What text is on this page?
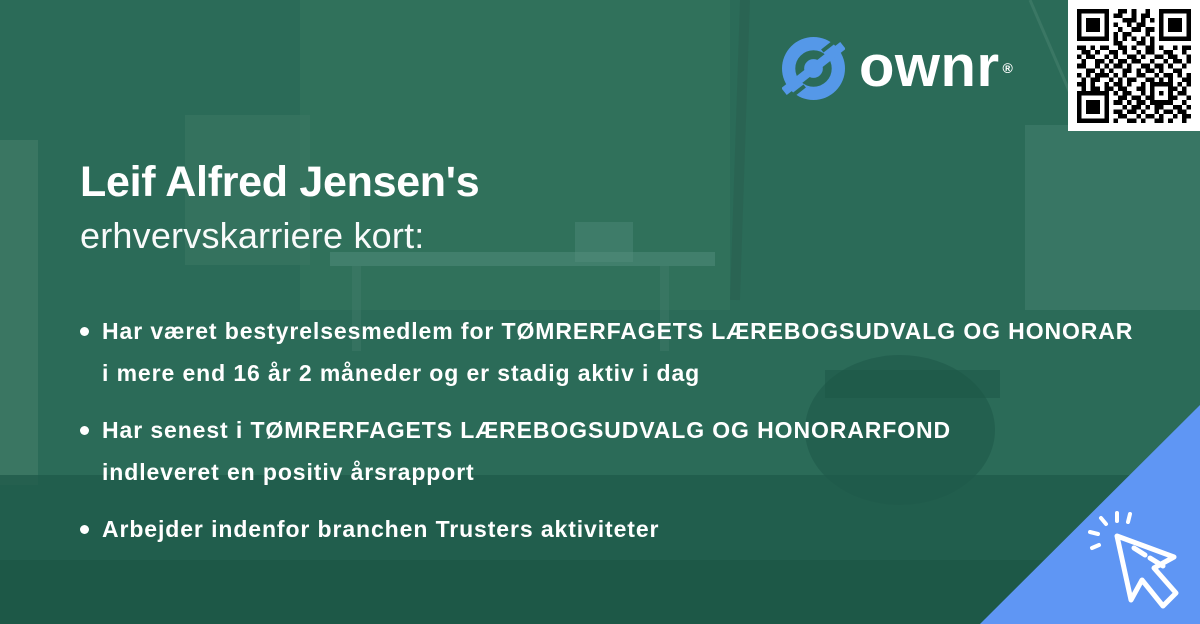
ownr ®
Leif Alfred Jensen's
erhvervskarriere kort:
Har været bestyrelsesmedlem for TØMRERFAGETS LÆREBOGSUDVALG OG HONORAR
i mere end 16 år 2 måneder og er stadig aktiv i dag
Har senest i TØMRERFAGETS LÆREBOGSUDVALG OG HONORARFOND
indleveret en positiv årsrapport
Arbejder indenfor branchen Trusters aktiviteter
